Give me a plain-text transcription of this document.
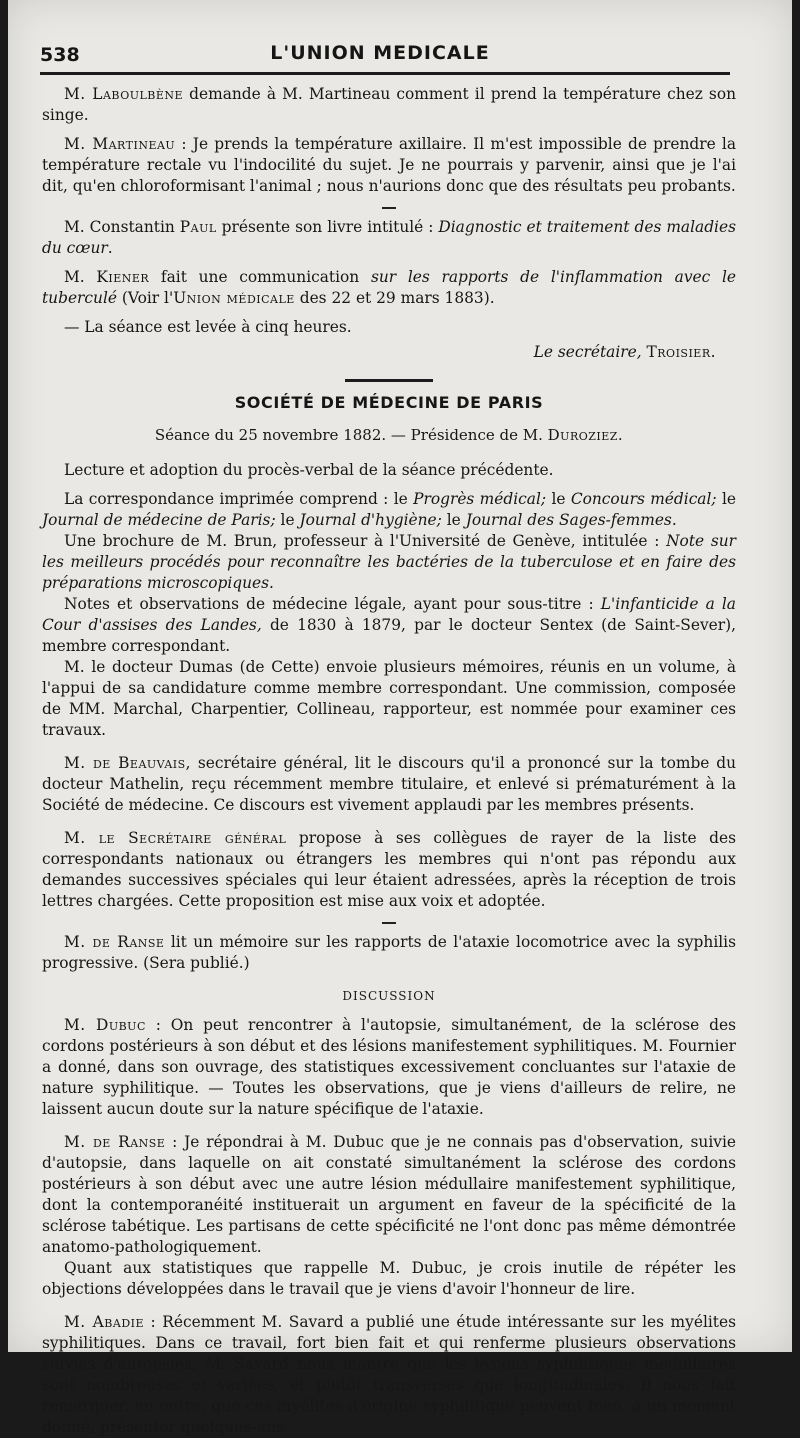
538	L'UNION MEDICALE

M. Laboulbène demande à M. Martineau comment il prend la température chez son singe.

M. Martineau : Je prends la température axillaire. Il m'est impossible de prendre la température rectale vu l'indocilité du sujet. Je ne pourrais y parvenir, ainsi que je l'ai dit, qu'en chloroformisant l'animal ; nous n'aurions donc que des résultats peu probants.

M. Constantin Paul présente son livre intitulé : Diagnostic et traitement des maladies du cœur.

M. Kiener fait une communication sur les rapports de l'inflammation avec le tuberculé (Voir l'Union médicale des 22 et 29 mars 1883).

— La séance est levée à cinq heures.

Le secrétaire, Troisier.
SOCIÉTÉ DE MÉDECINE DE PARIS
Séance du 25 novembre 1882. — Présidence de M. Duroziez.

Lecture et adoption du procès-verbal de la séance précédente.

La correspondance imprimée comprend : le Progrès médical; le Concours médical; le Journal de médecine de Paris; le Journal d'hygiène; le Journal des Sages-femmes.

Une brochure de M. Brun, professeur à l'Université de Genève, intitulée : Note sur les meilleurs procédés pour reconnaître les bactéries de la tuberculose et en faire des préparations microscopiques.

Notes et observations de médecine légale, ayant pour sous-titre : L'infanticide a la Cour d'assises des Landes, de 1830 à 1879, par le docteur Sentex (de Saint-Sever), membre correspondant.

M. le docteur Dumas (de Cette) envoie plusieurs mémoires, réunis en un volume, à l'appui de sa candidature comme membre correspondant. Une commission, composée de MM. Marchal, Charpentier, Collineau, rapporteur, est nommée pour examiner ces travaux.

M. de Beauvais, secrétaire général, lit le discours qu'il a prononcé sur la tombe du docteur Mathelin, reçu récemment membre titulaire, et enlevé si prématurément à la Société de médecine. Ce discours est vivement applaudi par les membres présents.

M. le Secrétaire général propose à ses collègues de rayer de la liste des correspondants nationaux ou étrangers les membres qui n'ont pas répondu aux demandes successives spéciales qui leur étaient adressées, après la réception de trois lettres chargées. Cette proposition est mise aux voix et adoptée.

M. de Ranse lit un mémoire sur les rapports de l'ataxie locomotrice avec la syphilis progressive. (Sera publié.)

DISCUSSION

M. Dubuc : On peut rencontrer à l'autopsie, simultanément, de la sclérose des cordons postérieurs à son début et des lésions manifestement syphilitiques. M. Fournier a donné, dans son ouvrage, des statistiques excessivement concluantes sur l'ataxie de nature syphilitique. — Toutes les observations, que je viens d'ailleurs de relire, ne laissent aucun doute sur la nature spécifique de l'ataxie.

M. de Ranse : Je répondrai à M. Dubuc que je ne connais pas d'observation, suivie d'autopsie, dans laquelle on ait constaté simultanément la sclérose des cordons postérieurs à son début avec une autre lésion médullaire manifestement syphilitique, dont la contemporanéité instituerait un argument en faveur de la spécificité de la sclérose tabétique. Les partisans de cette spécificité ne l'ont donc pas même démontrée anatomo-pathologiquement.

Quant aux statistiques que rappelle M. Dubuc, je crois inutile de répéter les objections développées dans le travail que je viens d'avoir l'honneur de lire.

M. Abadie : Récemment M. Savard a publié une étude intéressante sur les myélites syphilitiques. Dans ce travail, fort bien fait et qui renferme plusieurs observations suivies d'autopsies, M. Savard nous montre que les lésions syphilitiques médullaires sont nombreuses et variées, et plutôt transverses que longitudinales. Il nous fait remarquer, en outre, que ces myélites d'origine syphilitique peuvent bien, à un moment donné, présenter quelques-uns
